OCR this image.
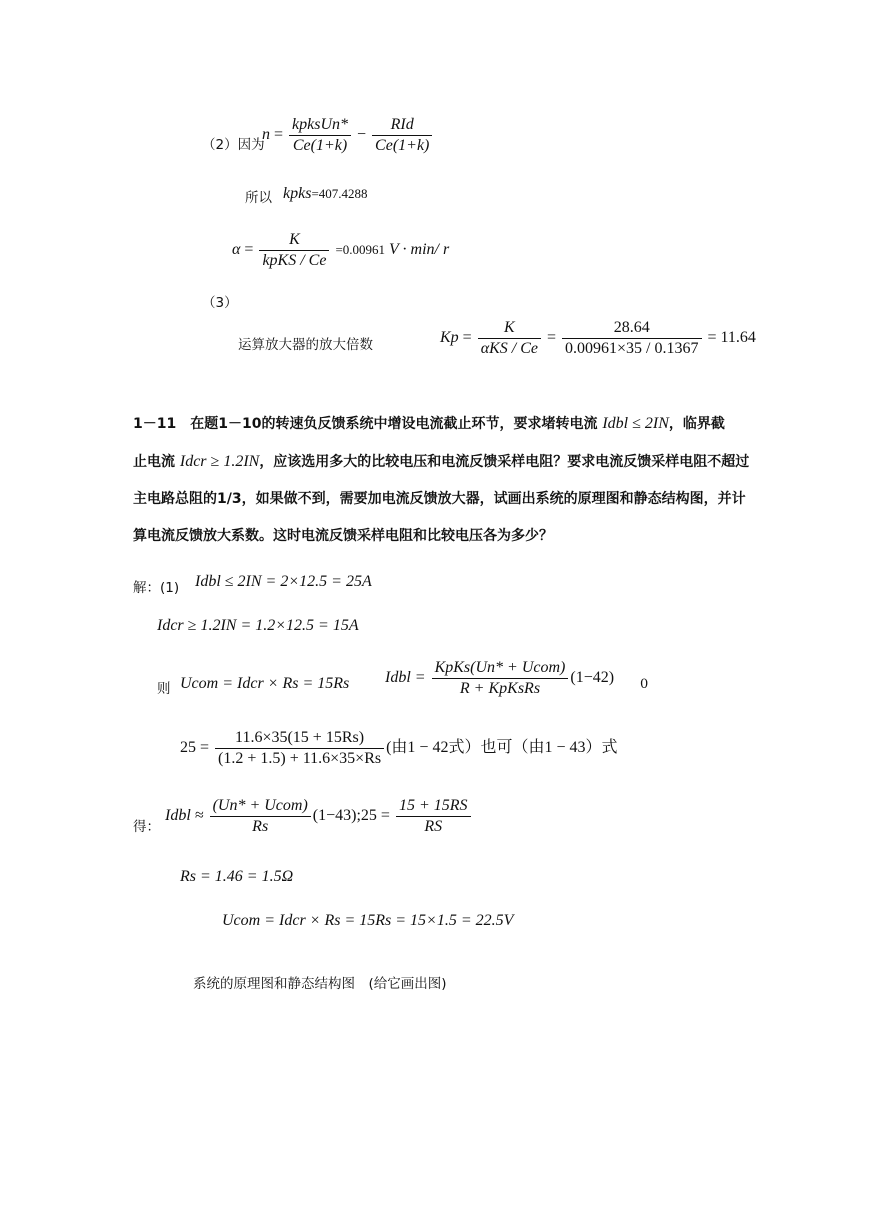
（2）因为
$n = \frac{\text{kpksUn*}}{Ce(1+k)} - \frac{\text{RId}}{Ce(1+k)}$
所以 kpks=407.4288
$\alpha = \frac{K}{\text{kpKS / Ce}} =0.00961$ V · min/ r
（3）
运算放大器的放大倍数	$Kp = \frac{K}{\text{αKS / Ce}} = \frac{28.64}{0.00961\times 35 / 0.1367} = 11.64$
1－11　在题1－10的转速负反馈系统中增设电流截止环节，要求堵转电流 Idbl ≤ 2IN，临界截
止电流 Idcr ≥ 1.2IN，应该选用多大的比较电压和电流反馈采样电阻？要求电流反馈采样电阻不超过
主电路总阻的1/3，如果做不到，需要加电流反馈放大器，试画出系统的原理图和静态结构图，并计
算电流反馈放大系数。这时电流反馈采样电阻和比较电压各为多少？
解：(1) Idbl ≤ 2IN = 2×12.5 = 25A
Idcr ≥ 1.2IN = 1.2×12.5 = 15A
则 Ucom = Idcr × Rs = 15Rs Idbl = $\frac{\text{KpKs(Un* + Ucom)}}{\text{R + KpKsRs}} (1-42)$ 0
$25 = \frac{11.6\times 35(15 + 15Rs)}{(1.2 + 1.5) + 11.6\times 35\times Rs}$ (由1 − 42式）也可（由1 − 43）式
得：
Idbl ≈ $\frac{\text{(Un* + Ucom)}}{Rs}$ (1−43);25 = $\frac{15 + 15RS}{RS}$
Rs = 1.46 = 1.5Ω
Ucom = Idcr × Rs = 15Rs = 15×1.5 = 22.5V
系统的原理图和静态结构图　(给它画出图)
